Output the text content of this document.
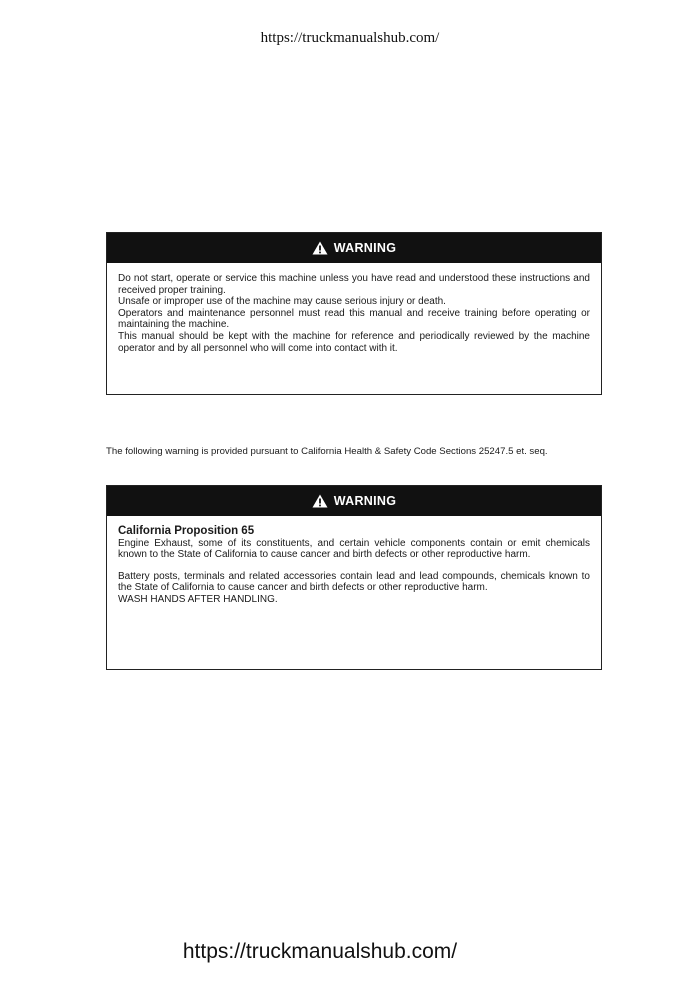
https://truckmanualshub.com/
WARNING

Do not start, operate or service this machine unless you have read and understood these instructions and received proper training.

Unsafe or improper use of the machine may cause serious injury or death.

Operators and maintenance personnel must read this manual and receive training before operating or maintaining the machine.

This manual should be kept with the machine for reference and periodically reviewed by the machine operator and by all personnel who will come into contact with it.

The following warning is provided pursuant to California Health & Safety Code Sections 25247.5 et. seq.
WARNING

California Proposition 65

Engine Exhaust, some of its constituents, and certain vehicle components contain or emit chemicals known to the State of California to cause cancer and birth defects or other reproductive harm.

Battery posts, terminals and related accessories contain lead and lead compounds, chemicals known to the State of California to cause cancer and birth defects or other reproductive harm.

WASH HANDS AFTER HANDLING.

https://truckmanualshub.com/
